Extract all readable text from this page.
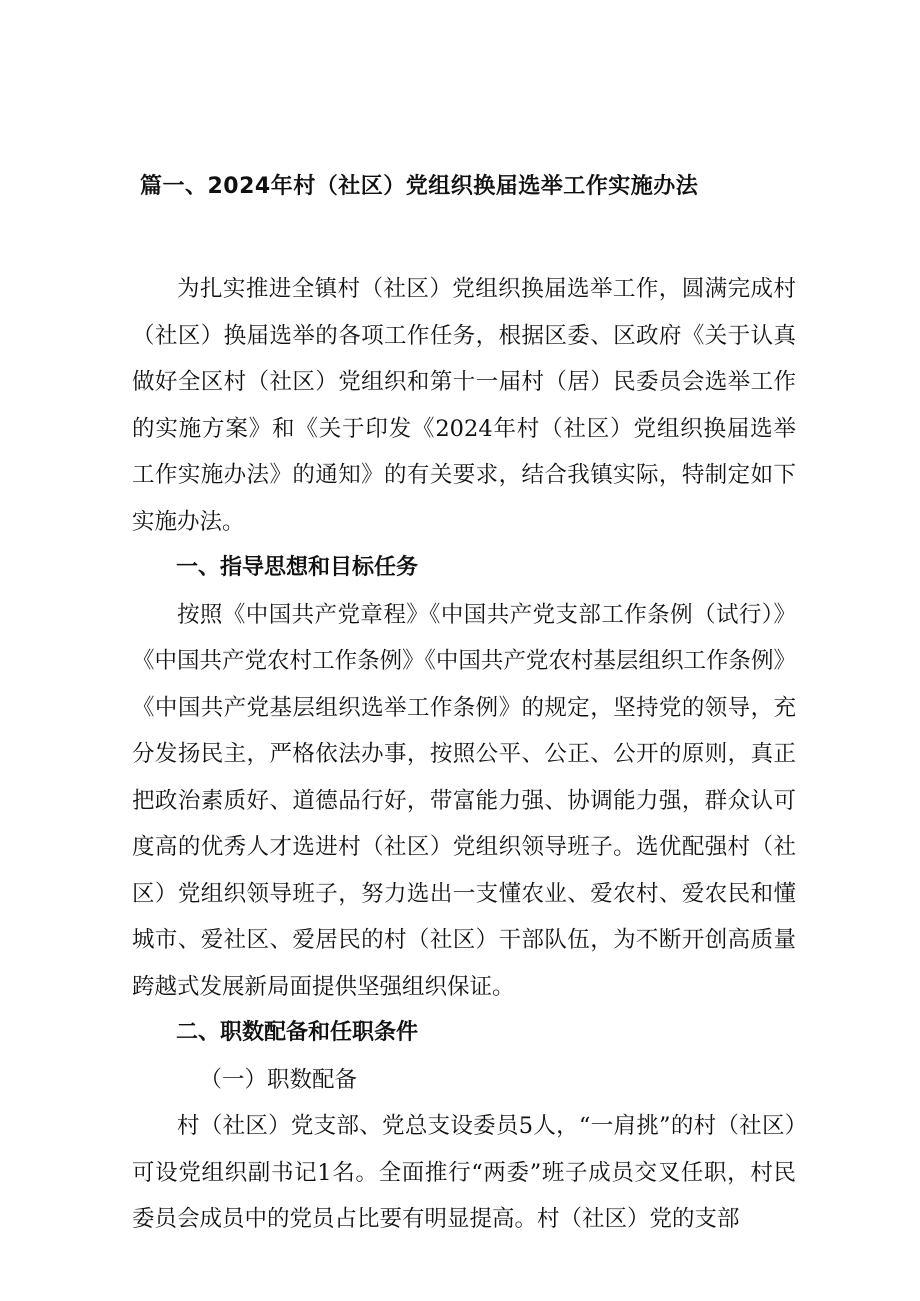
篇一、2024年村（社区）党组织换届选举工作实施办法

为扎实推进全镇村（社区）党组织换届选举工作，圆满完成村（社区）换届选举的各项工作任务，根据区委、区政府《关于认真做好全区村（社区）党组织和第十一届村（居）民委员会选举工作的实施方案》和《关于印发《2024年村（社区）党组织换届选举工作实施办法》的通知》的有关要求，结合我镇实际，特制定如下实施办法。

一、指导思想和目标任务

按照《中国共产党章程》《中国共产党支部工作条例（试行）》《中国共产党农村工作条例》《中国共产党农村基层组织工作条例》《中国共产党基层组织选举工作条例》的规定，坚持党的领导，充分发扬民主，严格依法办事，按照公平、公正、公开的原则，真正把政治素质好、道德品行好，带富能力强、协调能力强，群众认可度高的优秀人才选进村（社区）党组织领导班子。选优配强村（社区）党组织领导班子，努力选出一支懂农业、爱农村、爱农民和懂城市、爱社区、爱居民的村（社区）干部队伍，为不断开创高质量跨越式发展新局面提供坚强组织保证。

二、职数配备和任职条件

（一）职数配备

村（社区）党支部、党总支设委员5人，“一肩挑”的村（社区）可设党组织副书记1名。全面推行“两委”班子成员交叉任职，村民委员会成员中的党员占比要有明显提高。村（社区）党的支部
